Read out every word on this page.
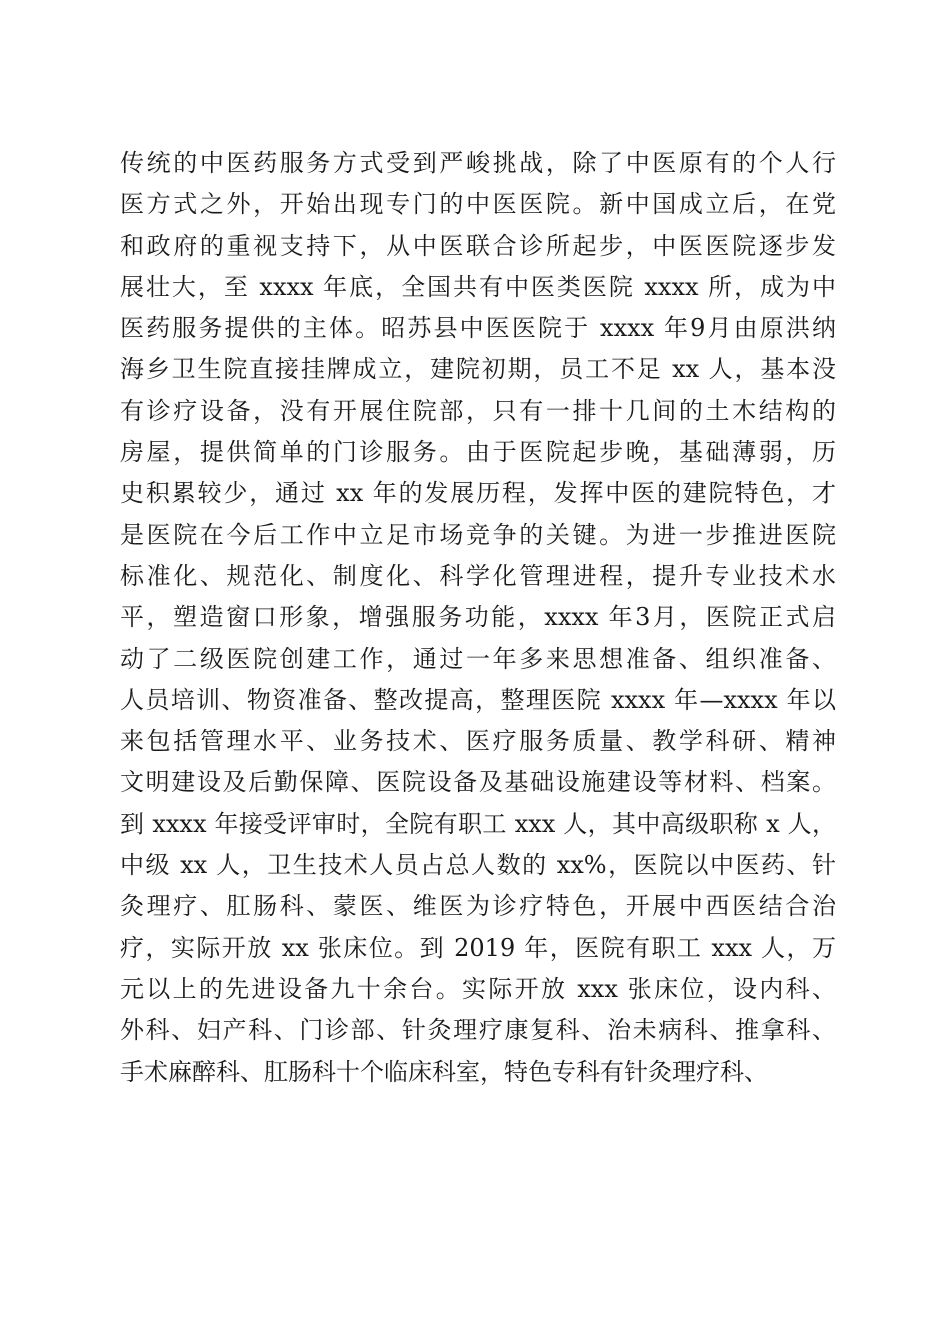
传统的中医药服务方式受到严峻挑战，除了中医原有的个人行
医方式之外，开始出现专门的中医医院。新中国成立后，在党
和政府的重视支持下，从中医联合诊所起步，中医医院逐步发
展壮大，至 xxxx 年底，全国共有中医类医院 xxxx 所，成为中
医药服务提供的主体。昭苏县中医医院于 xxxx 年9月由原洪纳
海乡卫生院直接挂牌成立，建院初期，员工不足 xx 人，基本没
有诊疗设备，没有开展住院部，只有一排十几间的土木结构的
房屋，提供简单的门诊服务。由于医院起步晚，基础薄弱，历
史积累较少，通过 xx 年的发展历程，发挥中医的建院特色，才
是医院在今后工作中立足市场竞争的关键。为进一步推进医院
标准化、规范化、制度化、科学化管理进程，提升专业技术水
平，塑造窗口形象，增强服务功能，xxxx 年3月，医院正式启
动了二级医院创建工作，通过一年多来思想准备、组织准备、
人员培训、物资准备、整改提高，整理医院 xxxx 年—xxxx 年以
来包括管理水平、业务技术、医疗服务质量、教学科研、精神
文明建设及后勤保障、医院设备及基础设施建设等材料、档案。
到 xxxx 年接受评审时，全院有职工 xxx 人，其中高级职称 x 人，
中级 xx 人，卫生技术人员占总人数的 xx%，医院以中医药、针
灸理疗、肛肠科、蒙医、维医为诊疗特色，开展中西医结合治
疗，实际开放 xx 张床位。到 2019 年，医院有职工 xxx 人，万
元以上的先进设备九十余台。实际开放 xxx 张床位，设内科、
外科、妇产科、门诊部、针灸理疗康复科、治未病科、推拿科、
手术麻醉科、肛肠科十个临床科室，特色专科有针灸理疗科、
